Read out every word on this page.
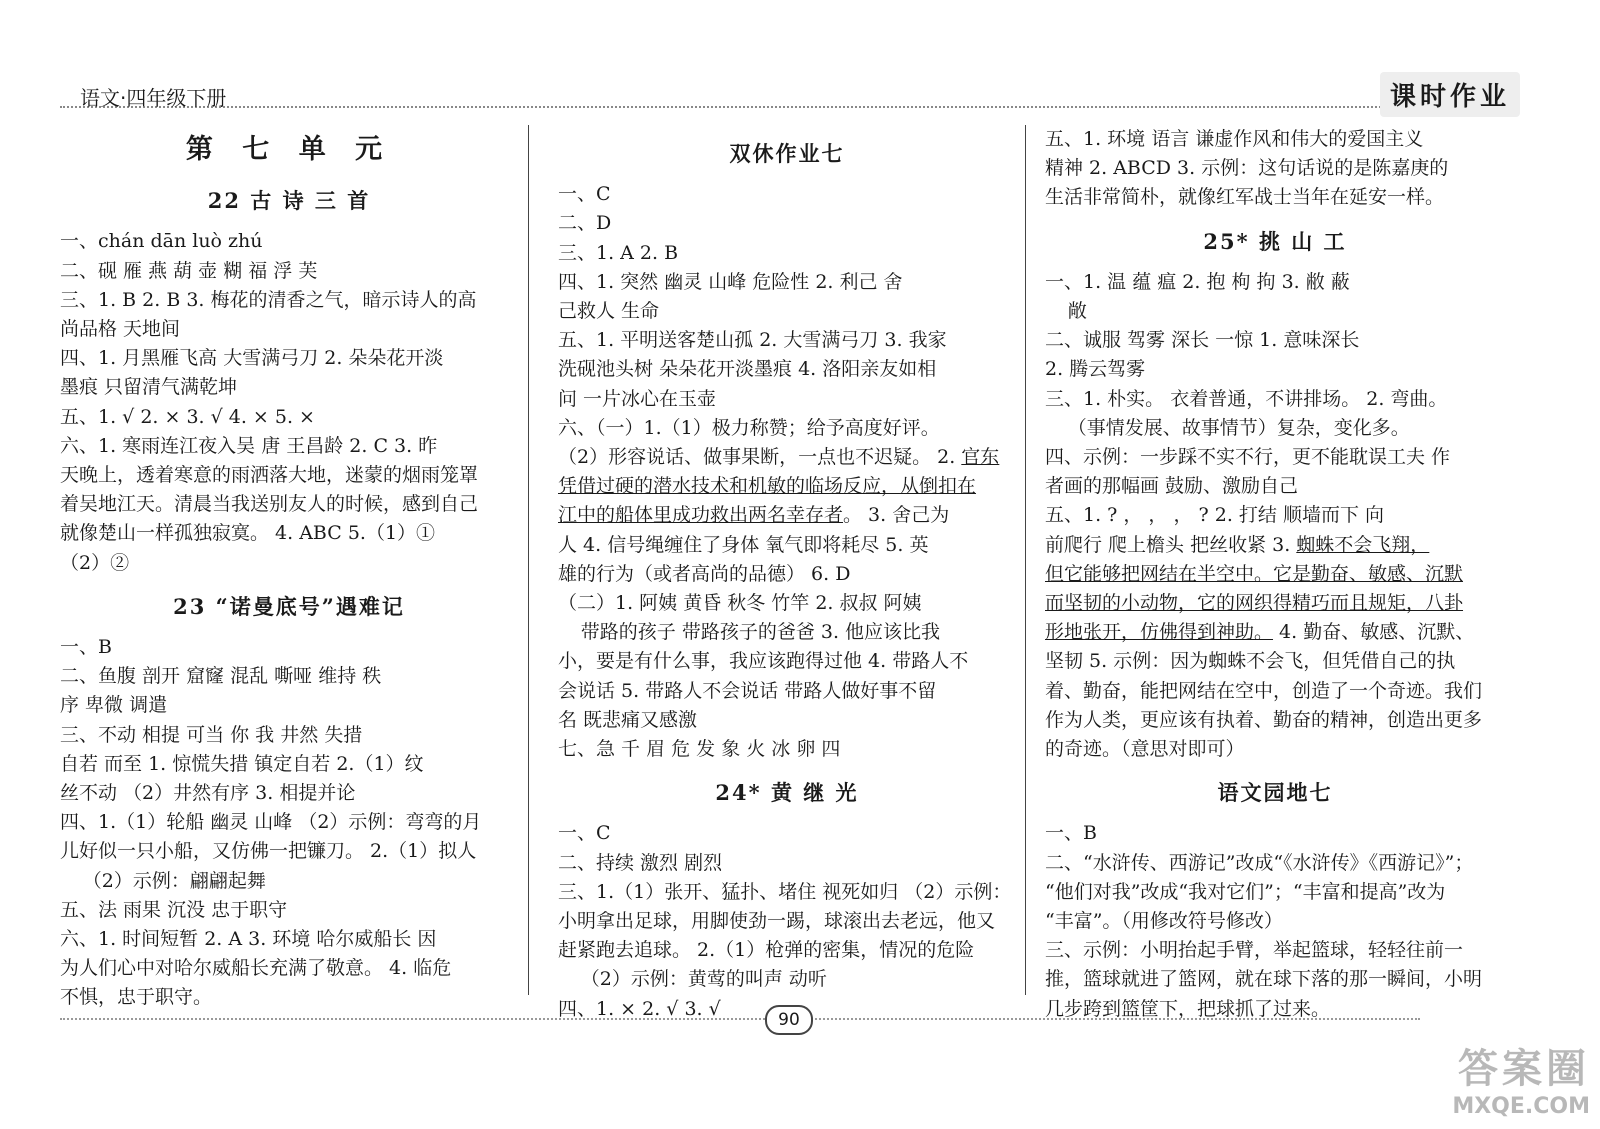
语文·四年级下册	课时作业

第 七 单 元

22 古 诗 三 首

一、chán dān luò zhú

二、砚 雁 燕 葫 壶 糊 福 浮 芙

三、1. B 2. B 3. 梅花的清香之气，暗示诗人的高

尚品格 天地间

四、1. 月黑雁飞高 大雪满弓刀 2. 朵朵花开淡

墨痕 只留清气满乾坤

五、1. √ 2. × 3. √ 4. × 5. ×

六、1. 寒雨连江夜入吴 唐 王昌龄 2. C 3. 昨

天晚上，透着寒意的雨洒落大地，迷蒙的烟雨笼罩

着吴地江天。清晨当我送别友人的时候，感到自己

就像楚山一样孤独寂寞。 4. ABC 5.（1）①

（2）②

23 “诺曼底号”遇难记

一、B

二、鱼腹 剖开 窟窿 混乱 嘶哑 维持 秩

序 卑微 调遣

三、不动 相提 可当 你 我 井然 失措

自若 而至 1. 惊慌失措 镇定自若 2.（1）纹

丝不动 （2）井然有序 3. 相提并论

四、1.（1）轮船 幽灵 山峰 （2）示例：弯弯的月

儿好似一只小船，又仿佛一把镰刀。 2.（1）拟人

（2）示例：翩翩起舞

五、法 雨果 沉没 忠于职守

六、1. 时间短暂 2. A 3. 环境 哈尔威船长 因

为人们心中对哈尔威船长充满了敬意。 4. 临危

不惧，忠于职守。

双休作业七

一、C

二、D

三、1. A 2. B

四、1. 突然 幽灵 山峰 危险性 2. 利己 舍

己救人 生命

五、1. 平明送客楚山孤 2. 大雪满弓刀 3. 我家

洗砚池头树 朵朵花开淡墨痕 4. 洛阳亲友如相

问 一片冰心在玉壶

六、（一）1.（1）极力称赞；给予高度好评。

（2）形容说话、做事果断，一点也不迟疑。 2. 官东

凭借过硬的潜水技术和机敏的临场反应，从倒扣在

江中的船体里成功救出两名幸存者。 3. 舍己为

人 4. 信号绳缠住了身体 氧气即将耗尽 5. 英

雄的行为（或者高尚的品德） 6. D

（二）1. 阿姨 黄昏 秋冬 竹竿 2. 叔叔 阿姨

带路的孩子 带路孩子的爸爸 3. 他应该比我

小，要是有什么事，我应该跑得过他 4. 带路人不

会说话 5. 带路人不会说话 带路人做好事不留

名 既悲痛又感激

七、急 千 眉 危 发 象 火 冰 卵 四

24* 黄 继 光

一、C

二、持续 激烈 剧烈

三、1.（1）张开、猛扑、堵住 视死如归 （2）示例：

小明拿出足球，用脚使劲一踢，球滚出去老远，他又

赶紧跑去追球。 2.（1）枪弹的密集，情况的危险

（2）示例：黄莺的叫声 动听

四、1. × 2. √ 3. √

五、1. 环境 语言 谦虚作风和伟大的爱国主义

精神 2. ABCD 3. 示例：这句话说的是陈嘉庚的

生活非常简朴，就像红军战士当年在延安一样。

25* 挑 山 工

一、1. 温 蕴 瘟 2. 抱 枸 拘 3. 敝 蔽

敞

二、诚服 驾雾 深长 一惊 1. 意味深长

2. 腾云驾雾

三、1. 朴实。 衣着普通，不讲排场。 2. 弯曲。

（事情发展、故事情节）复杂，变化多。

四、示例：一步踩不实不行，更不能耽误工夫 作

者画的那幅画 鼓励、激励自己

五、1. ? ， ， ， ? 2. 打结 顺墙而下 向

前爬行 爬上檐头 把丝收紧 3. 蜘蛛不会飞翔，

但它能够把网结在半空中。它是勤奋、敏感、沉默

而坚韧的小动物，它的网织得精巧而且规矩，八卦

形地张开，仿佛得到神助。 4. 勤奋、敏感、沉默、

坚韧 5. 示例：因为蜘蛛不会飞，但凭借自己的执

着、勤奋，能把网结在空中，创造了一个奇迹。我们

作为人类，更应该有执着、勤奋的精神，创造出更多

的奇迹。（意思对即可）

语文园地七

一、B

二、“水浒传、西游记”改成“《水浒传》《西游记》”；

“他们对我”改成“我对它们”；“丰富和提高”改为

“丰富”。（用修改符号修改）

三、示例：小明抬起手臂，举起篮球，轻轻往前一

推，篮球就进了篮网，就在球下落的那一瞬间，小明

几步跨到篮筐下，把球抓了过来。

90
答案圈
MXQE.COM
